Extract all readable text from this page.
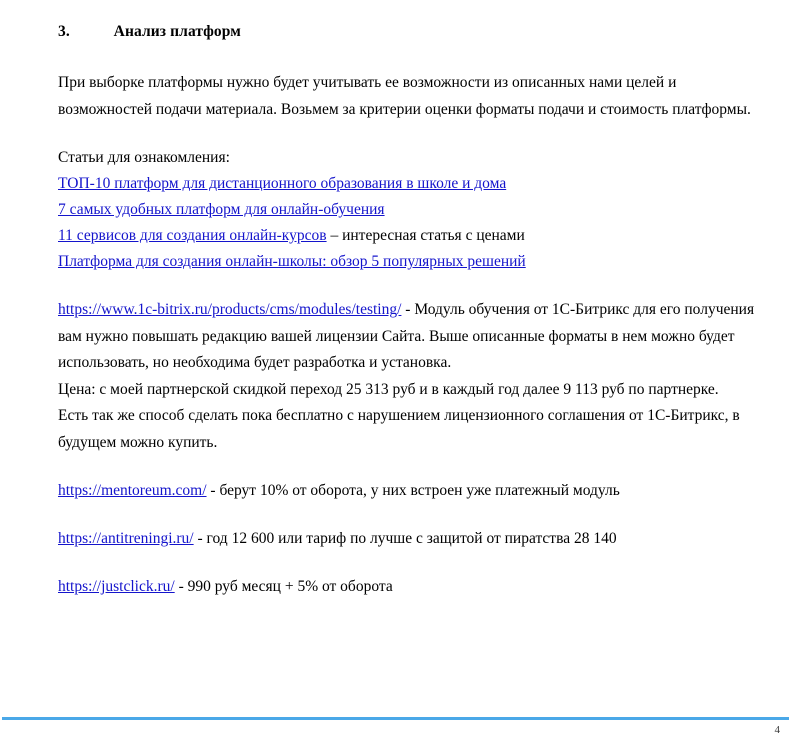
3.		Анализ платформ

При выборке платформы нужно будет учитывать ее возможности из описанных нами целей и возможностей подачи материала. Возьмем за критерии оценки форматы подачи и стоимость платформы.

Статьи для ознакомления:
ТОП-10 платформ для дистанционного образования в школе и дома
7 самых удобных платформ для онлайн-обучения
11 сервисов для создания онлайн-курсов – интересная статья с ценами
Платформа для создания онлайн-школы: обзор 5 популярных решений

https://www.1c-bitrix.ru/products/cms/modules/testing/ - Модуль обучения от 1С-Битрикс для его получения вам нужно повышать редакцию вашей лицензии Сайта. Выше описанные форматы в нем можно будет использовать, но необходима будет разработка и установка.

Цена: с моей партнерской скидкой переход 25 313 руб и в каждый год далее 9 113 руб по партнерке.

Есть так же способ сделать пока бесплатно с нарушением лицензионного соглашения от 1С-Битрикс, в будущем можно купить.

https://mentoreum.com/ - берут 10% от оборота, у них встроен уже платежный модуль
https://antitreningi.ru/ - год 12 600 или тариф по лучше с защитой от пиратства 28 140
https://justclick.ru/ - 990 руб месяц + 5% от оборота
4
